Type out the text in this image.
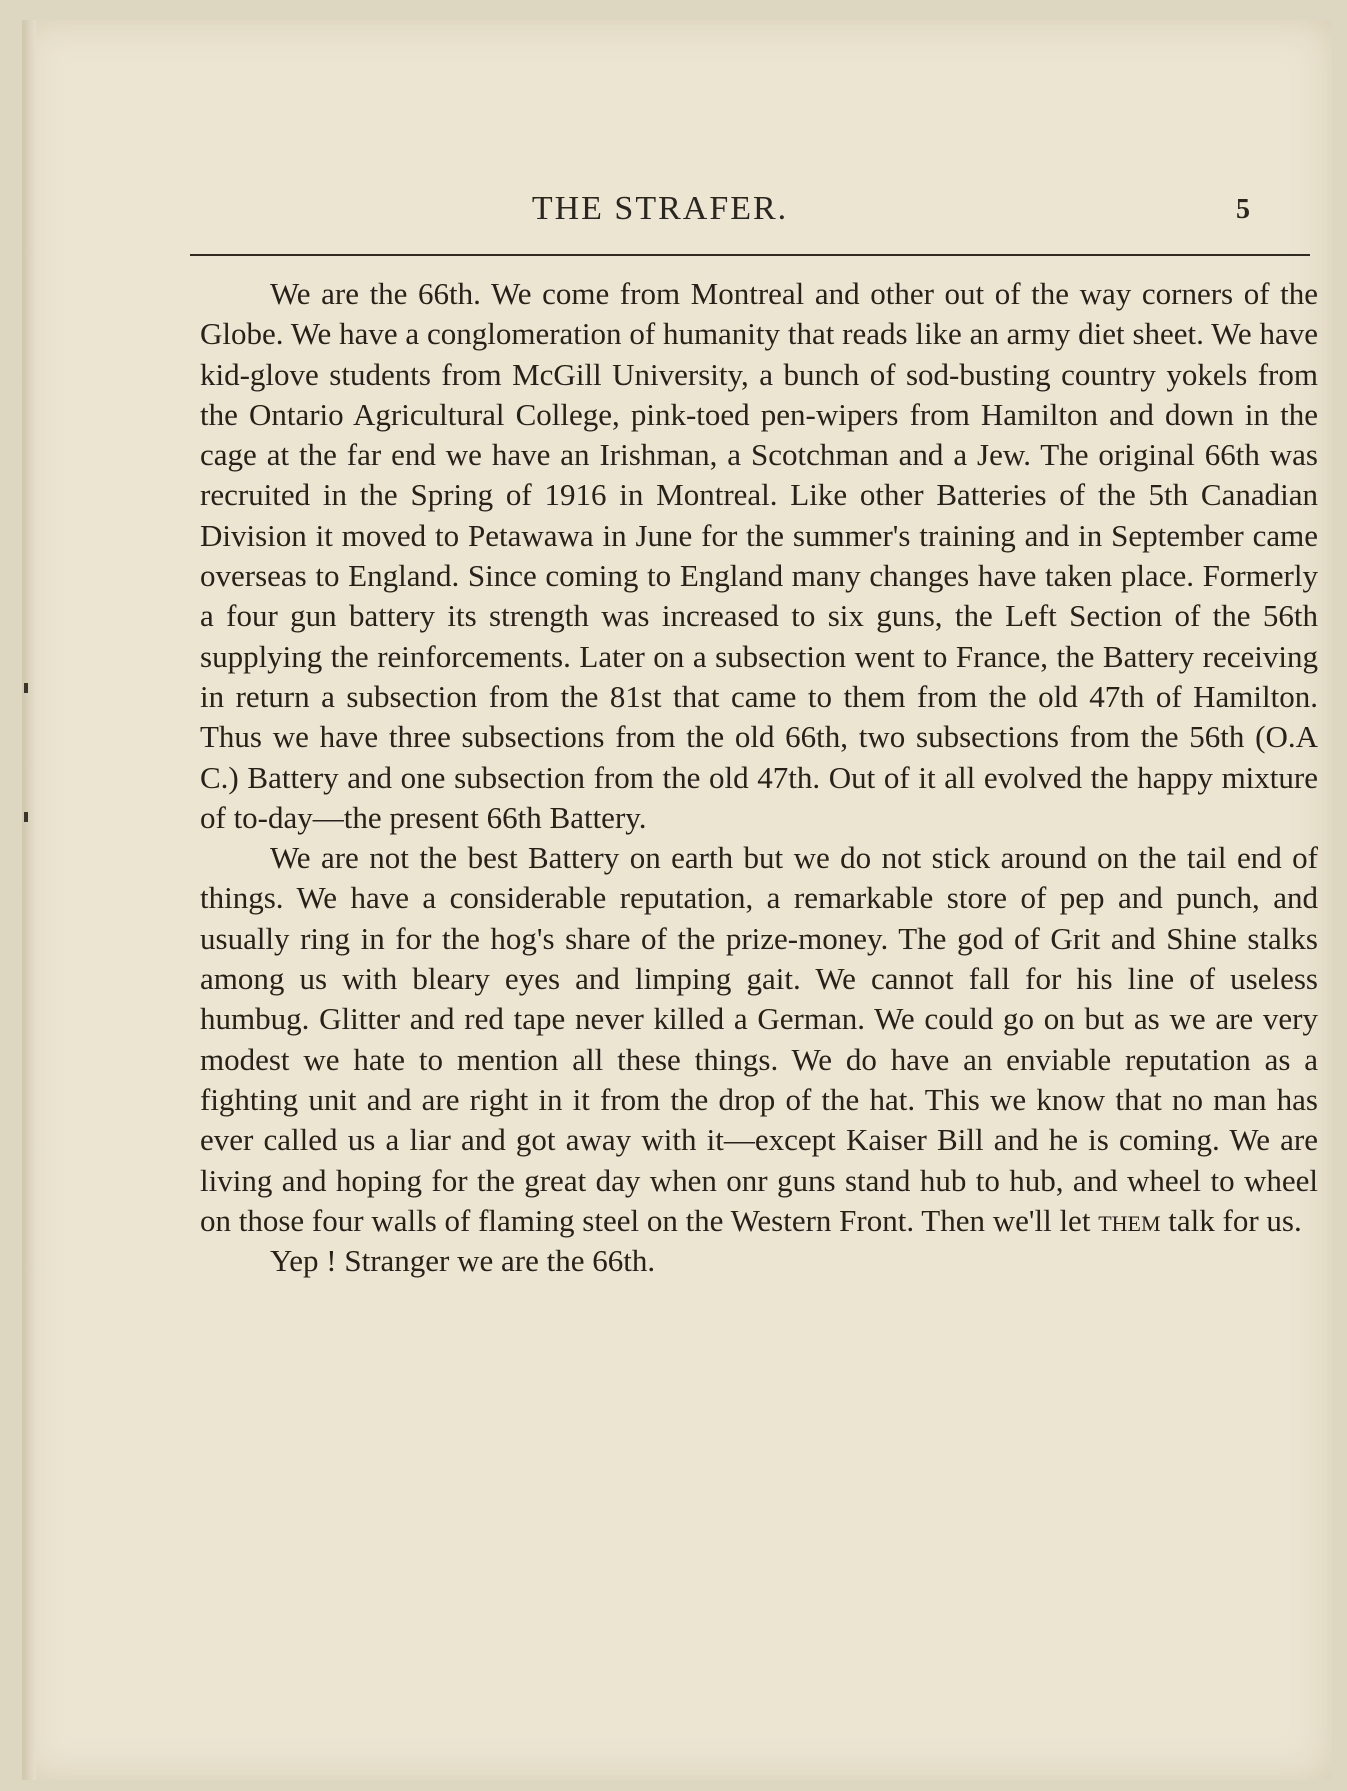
THE STRAFER.	5

We are the 66th. We come from Montreal and other out of the way corners of the Globe. We have a conglomeration of humanity that reads like an army diet sheet. We have kid-glove students from McGill University, a bunch of sod-busting country yokels from the Ontario Agricultural College, pink-toed pen-wipers from Hamilton and down in the cage at the far end we have an Irishman, a Scotchman and a Jew. The original 66th was recruited in the Spring of 1916 in Montreal. Like other Batteries of the 5th Canadian Division it moved to Petawawa in June for the summer's training and in September came overseas to England. Since coming to England many changes have taken place. Formerly a four gun battery its strength was increased to six guns, the Left Section of the 56th supplying the reinforcements. Later on a subsection went to France, the Battery receiving in return a subsection from the 81st that came to them from the old 47th of Hamilton. Thus we have three subsections from the old 66th, two subsections from the 56th (O.A C.) Battery and one subsection from the old 47th. Out of it all evolved the happy mixture of to-day—the present 66th Battery.

We are not the best Battery on earth but we do not stick around on the tail end of things. We have a considerable reputation, a remarkable store of pep and punch, and usually ring in for the hog's share of the prize-money. The god of Grit and Shine stalks among us with bleary eyes and limping gait. We cannot fall for his line of useless humbug. Glitter and red tape never killed a German. We could go on but as we are very modest we hate to mention all these things. We do have an enviable reputation as a fighting unit and are right in it from the drop of the hat. This we know that no man has ever called us a liar and got away with it—except Kaiser Bill and he is coming. We are living and hoping for the great day when onr guns stand hub to hub, and wheel to wheel on those four walls of flaming steel on the Western Front. Then we'll let them talk for us.

Yep ! Stranger we are the 66th.
